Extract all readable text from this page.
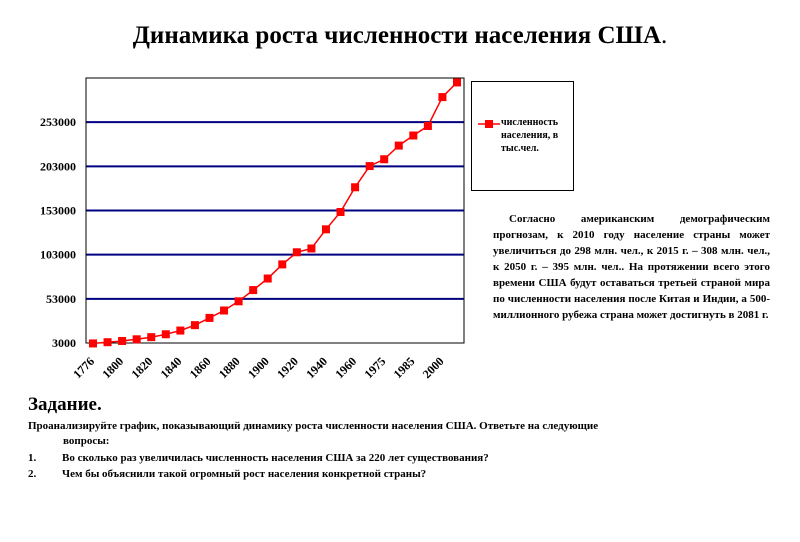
Динамика роста численности населения США.
3000
53000
103000
153000
203000
253000
1776 1800 1820 1840 1860 1880 1900 1920 1940 1960 1975 1985 2000
численность населения, в тыс.чел.
Согласно американским демографическим прогнозам, к 2010 году население страны может увеличиться до 298 млн. чел., к 2015 г. – 308 млн. чел., к 2050 г. – 395 млн. чел.. На протяжении всего этого времени США будут оставаться третьей страной мира по численности населения после Китая и Индии, а 500-миллионного рубежа страна может достигнуть в 2081 г.
Задание.
Проанализируйте график, показывающий динамику роста численности населения США. Ответьте на следующие
вопросы:
1. Во сколько раз увеличилась численность населения США за 220 лет существования?
2. Чем бы объяснили такой огромный рост населения конкретной страны?
